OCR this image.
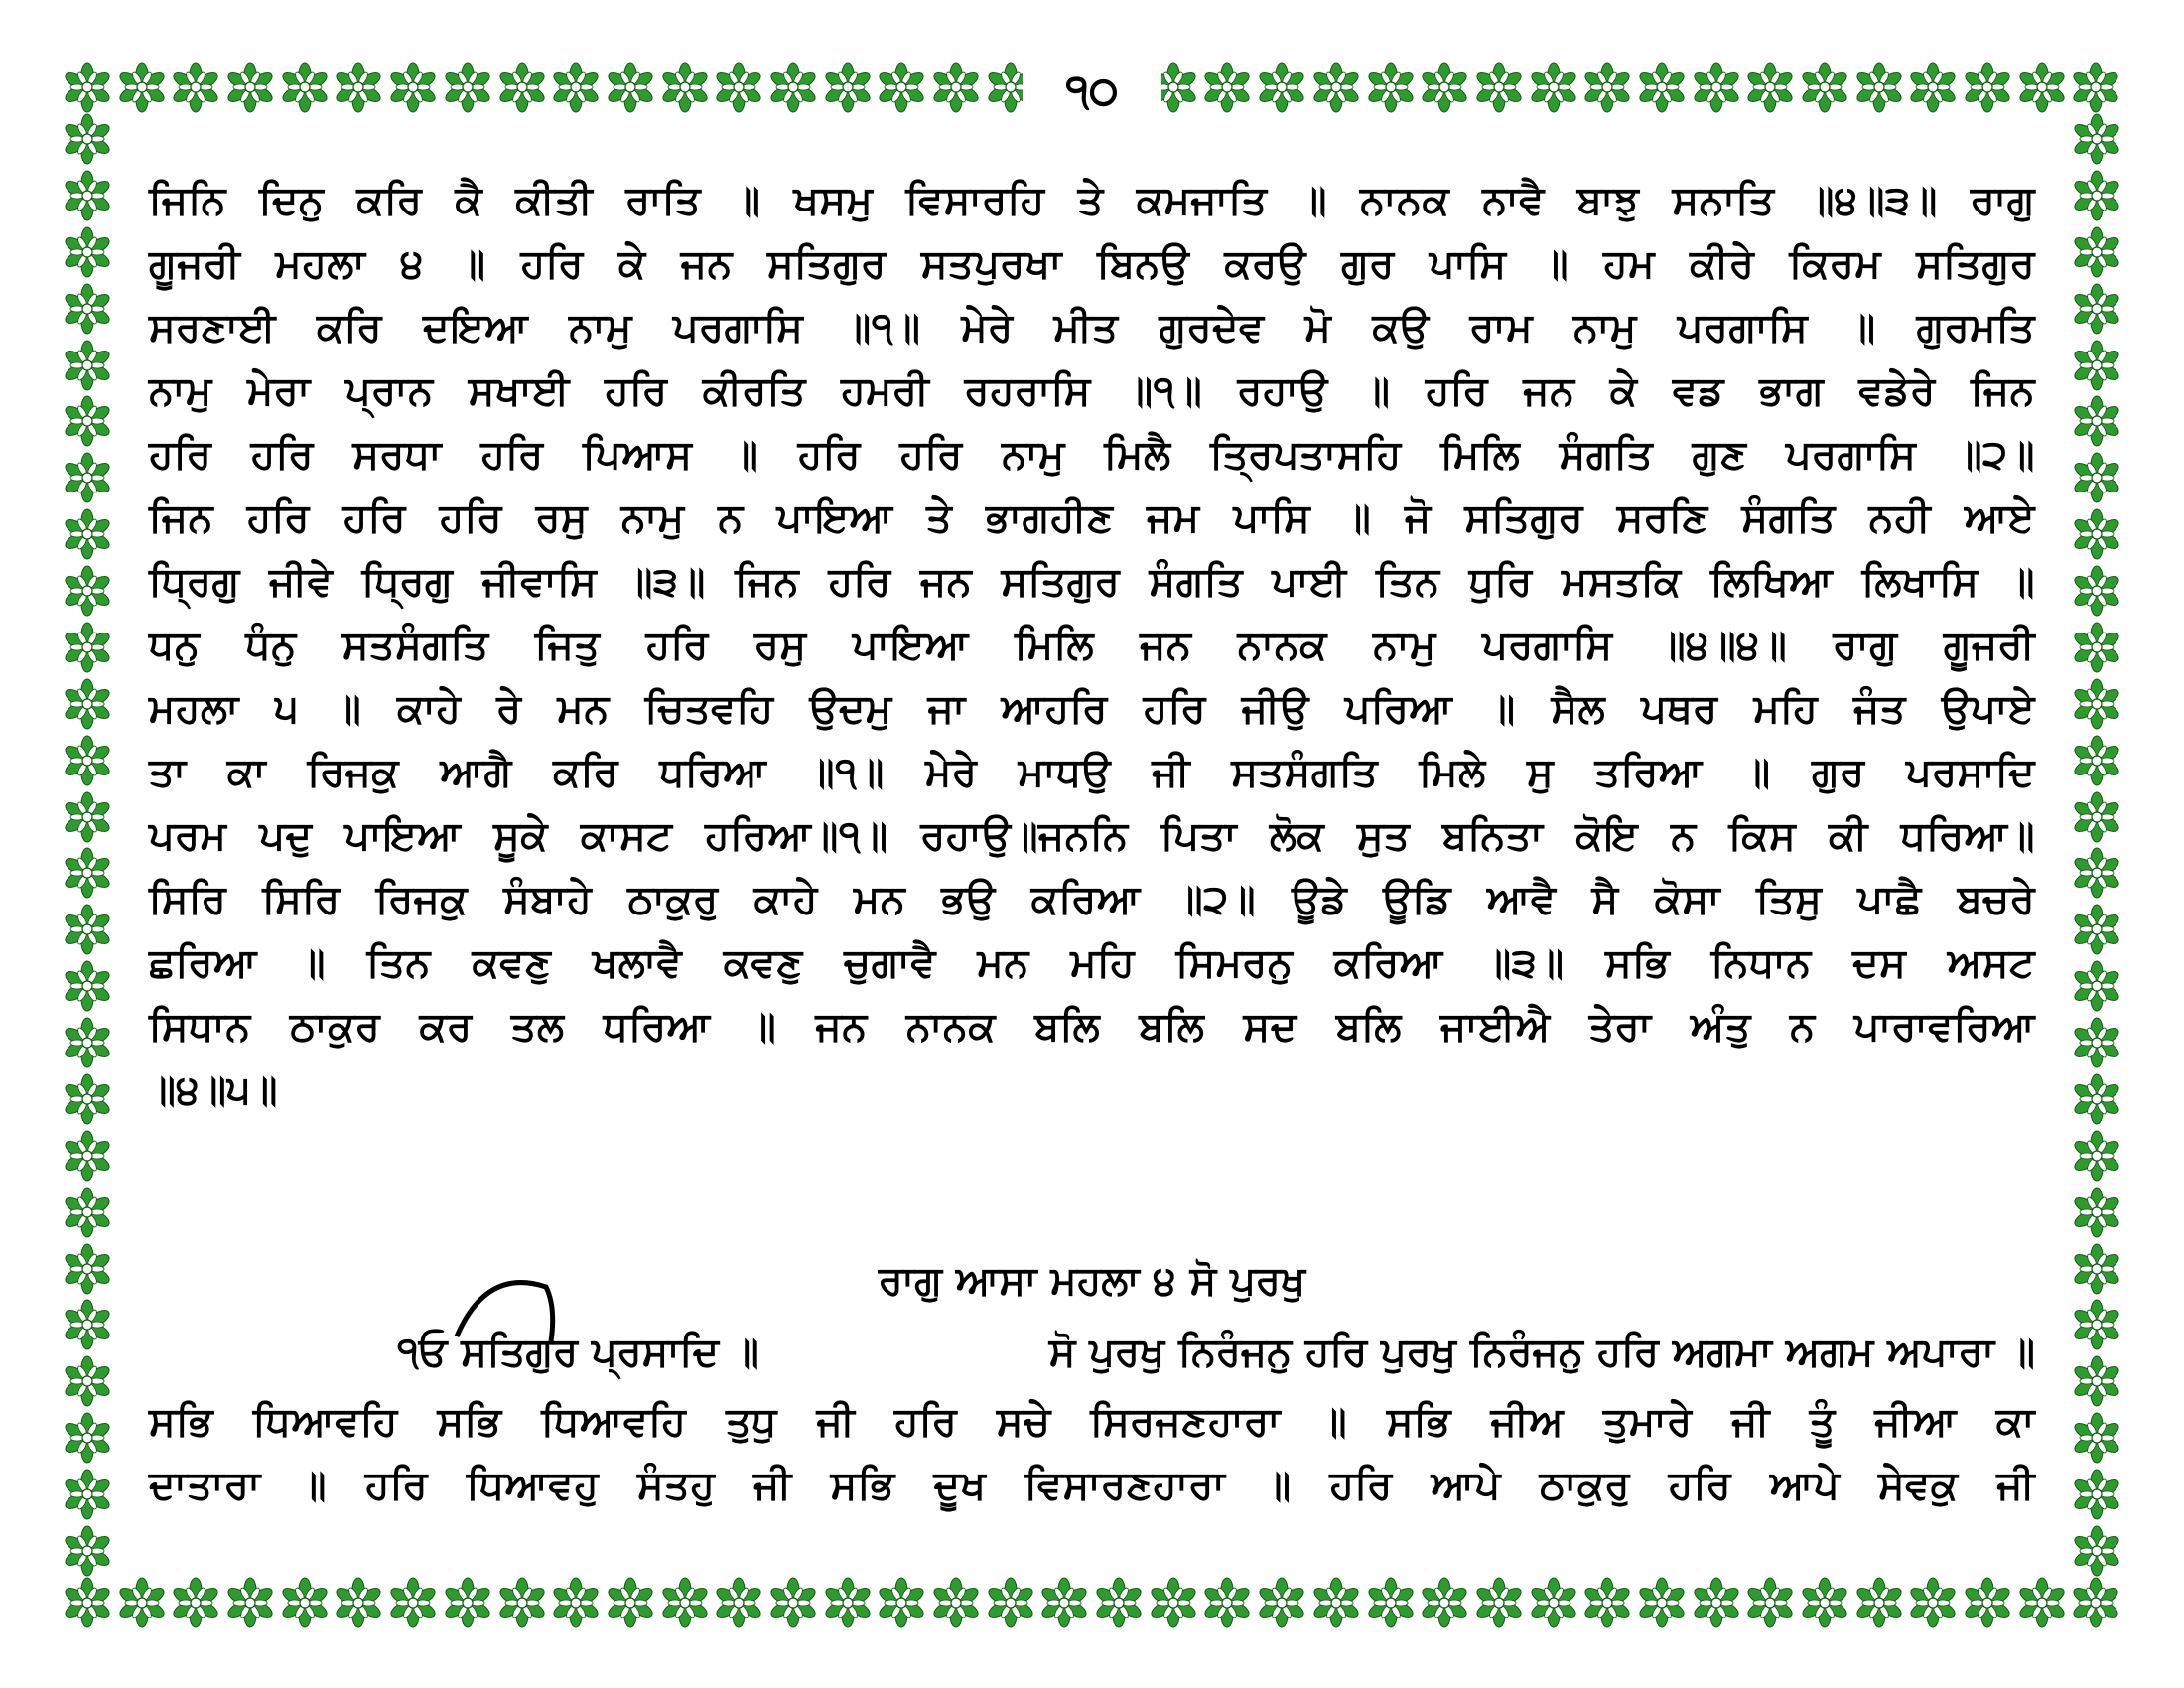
੧੦
ਜਿਨਿ ਦਿਨੁ ਕਰਿ ਕੈ ਕੀਤੀ ਰਾਤਿ ॥ ਖਸਮੁ ਵਿਸਾਰਹਿ ਤੇ ਕਮਜਾਤਿ ॥ ਨਾਨਕ ਨਾਵੈ ਬਾਝੁ ਸਨਾਤਿ ॥੪॥੩॥ ਰਾਗੁ
ਗੂਜਰੀ ਮਹਲਾ ੪ ॥ ਹਰਿ ਕੇ ਜਨ ਸਤਿਗੁਰ ਸਤਪੁਰਖਾ ਬਿਨਉ ਕਰਉ ਗੁਰ ਪਾਸਿ ॥ ਹਮ ਕੀਰੇ ਕਿਰਮ ਸਤਿਗੁਰ
ਸਰਣਾਈ ਕਰਿ ਦਇਆ ਨਾਮੁ ਪਰਗਾਸਿ ॥੧॥ ਮੇਰੇ ਮੀਤ ਗੁਰਦੇਵ ਮੋ ਕਉ ਰਾਮ ਨਾਮੁ ਪਰਗਾਸਿ ॥ ਗੁਰਮਤਿ
ਨਾਮੁ ਮੇਰਾ ਪ੍ਰਾਨ ਸਖਾਈ ਹਰਿ ਕੀਰਤਿ ਹਮਰੀ ਰਹਰਾਸਿ ॥੧॥ ਰਹਾਉ ॥ ਹਰਿ ਜਨ ਕੇ ਵਡ ਭਾਗ ਵਡੇਰੇ ਜਿਨ
ਹਰਿ ਹਰਿ ਸਰਧਾ ਹਰਿ ਪਿਆਸ ॥ ਹਰਿ ਹਰਿ ਨਾਮੁ ਮਿਲੈ ਤ੍ਰਿਪਤਾਸਹਿ ਮਿਲਿ ਸੰਗਤਿ ਗੁਣ ਪਰਗਾਸਿ ॥੨॥
ਜਿਨ ਹਰਿ ਹਰਿ ਹਰਿ ਰਸੁ ਨਾਮੁ ਨ ਪਾਇਆ ਤੇ ਭਾਗਹੀਣ ਜਮ ਪਾਸਿ ॥ ਜੋ ਸਤਿਗੁਰ ਸਰਣਿ ਸੰਗਤਿ ਨਹੀ ਆਏ
ਧ੍ਰਿਗੁ ਜੀਵੇ ਧ੍ਰਿਗੁ ਜੀਵਾਸਿ ॥੩॥ ਜਿਨ ਹਰਿ ਜਨ ਸਤਿਗੁਰ ਸੰਗਤਿ ਪਾਈ ਤਿਨ ਧੁਰਿ ਮਸਤਕਿ ਲਿਖਿਆ ਲਿਖਾਸਿ ॥
ਧਨੁ ਧੰਨੁ ਸਤਸੰਗਤਿ ਜਿਤੁ ਹਰਿ ਰਸੁ ਪਾਇਆ ਮਿਲਿ ਜਨ ਨਾਨਕ ਨਾਮੁ ਪਰਗਾਸਿ ॥੪॥੪॥ ਰਾਗੁ ਗੂਜਰੀ
ਮਹਲਾ ੫ ॥ ਕਾਹੇ ਰੇ ਮਨ ਚਿਤਵਹਿ ਉਦਮੁ ਜਾ ਆਹਰਿ ਹਰਿ ਜੀਉ ਪਰਿਆ ॥ ਸੈਲ ਪਥਰ ਮਹਿ ਜੰਤ ਉਪਾਏ
ਤਾ ਕਾ ਰਿਜਕੁ ਆਗੈ ਕਰਿ ਧਰਿਆ ॥੧॥ ਮੇਰੇ ਮਾਧਉ ਜੀ ਸਤਸੰਗਤਿ ਮਿਲੇ ਸੁ ਤਰਿਆ ॥ ਗੁਰ ਪਰਸਾਦਿ
ਪਰਮ ਪਦੁ ਪਾਇਆ ਸੂਕੇ ਕਾਸਟ ਹਰਿਆ॥੧॥ ਰਹਾਉ॥ਜਨਨਿ ਪਿਤਾ ਲੋਕ ਸੁਤ ਬਨਿਤਾ ਕੋਇ ਨ ਕਿਸ ਕੀ ਧਰਿਆ॥
ਸਿਰਿ ਸਿਰਿ ਰਿਜਕੁ ਸੰਬਾਹੇ ਠਾਕੁਰੁ ਕਾਹੇ ਮਨ ਭਉ ਕਰਿਆ ॥੨॥ ਊਡੇ ਊਡਿ ਆਵੈ ਸੈ ਕੋਸਾ ਤਿਸੁ ਪਾਛੈ ਬਚਰੇ
ਛਰਿਆ ॥ ਤਿਨ ਕਵਣੁ ਖਲਾਵੈ ਕਵਣੁ ਚੁਗਾਵੈ ਮਨ ਮਹਿ ਸਿਮਰਨੁ ਕਰਿਆ ॥੩॥ ਸਭਿ ਨਿਧਾਨ ਦਸ ਅਸਟ
ਸਿਧਾਨ ਠਾਕੁਰ ਕਰ ਤਲ ਧਰਿਆ ॥ ਜਨ ਨਾਨਕ ਬਲਿ ਬਲਿ ਸਦ ਬਲਿ ਜਾਈਐ ਤੇਰਾ ਅੰਤੁ ਨ ਪਾਰਾਵਰਿਆ
॥੪॥੫॥
ਰਾਗੁ ਆਸਾ ਮਹਲਾ ੪ ਸੋ ਪੁਰਖੁ
੧ਓ ਸਤਿਗੁਰ ਪ੍ਰਸਾਦਿ ॥	ਸੋ ਪੁਰਖੁ ਨਿਰੰਜਨੁ ਹਰਿ ਪੁਰਖੁ ਨਿਰੰਜਨੁ ਹਰਿ ਅਗਮਾ ਅਗਮ ਅਪਾਰਾ ॥
ਸਭਿ ਧਿਆਵਹਿ ਸਭਿ ਧਿਆਵਹਿ ਤੁਧੁ ਜੀ ਹਰਿ ਸਚੇ ਸਿਰਜਣਹਾਰਾ ॥ ਸਭਿ ਜੀਅ ਤੁਮਾਰੇ ਜੀ ਤੂੰ ਜੀਆ ਕਾ
ਦਾਤਾਰਾ ॥ ਹਰਿ ਧਿਆਵਹੁ ਸੰਤਹੁ ਜੀ ਸਭਿ ਦੂਖ ਵਿਸਾਰਣਹਾਰਾ ॥ ਹਰਿ ਆਪੇ ਠਾਕੁਰੁ ਹਰਿ ਆਪੇ ਸੇਵਕੁ ਜੀ
